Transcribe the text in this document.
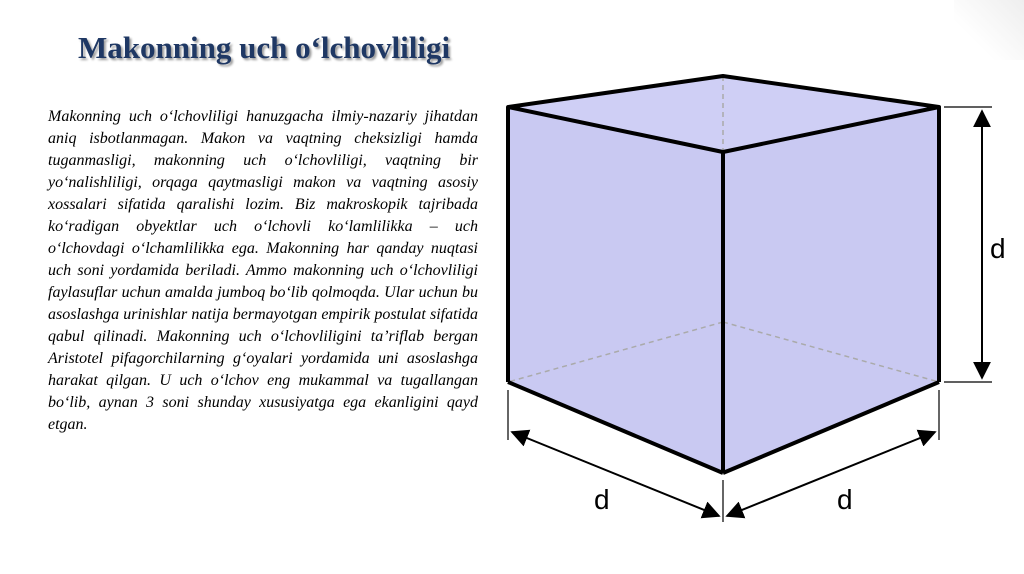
Makonning uch o‘lchovliligi

Makonning uch o‘lchovliligi hanuzgacha ilmiy-nazariy jihatdan aniq isbotlanmagan. Makon va vaqtning cheksizligi hamda tuganmasligi, makonning uch o‘lchovliligi, vaqtning bir yo‘nalishliligi, orqaga qaytmasligi makon va vaqtning asosiy xossalari sifatida qaralishi lozim. Biz makroskopik tajribada ko‘radigan obyektlar uch o‘lchovli ko‘lamlilikka – uch o‘lchovdagi o‘lchamlilikka ega. Makonning har qanday nuqtasi uch soni yordamida beriladi. Ammo makonning uch o‘lchovliligi faylasuflar uchun amalda jumboq bo‘lib qolmoqda. Ular uchun bu asoslashga urinishlar natija bermayotgan empirik postulat sifatida qabul qilinadi. Makonning uch o‘lchovliligini ta’riflab bergan Aristotel pifagorchilarning g‘oyalari yordamida uni asoslashga harakat qilgan. U uch o‘lchov eng mukammal va tugallangan bo‘lib, aynan 3 soni shunday xususiyatga ega ekanligini qayd etgan.

d
d	d
